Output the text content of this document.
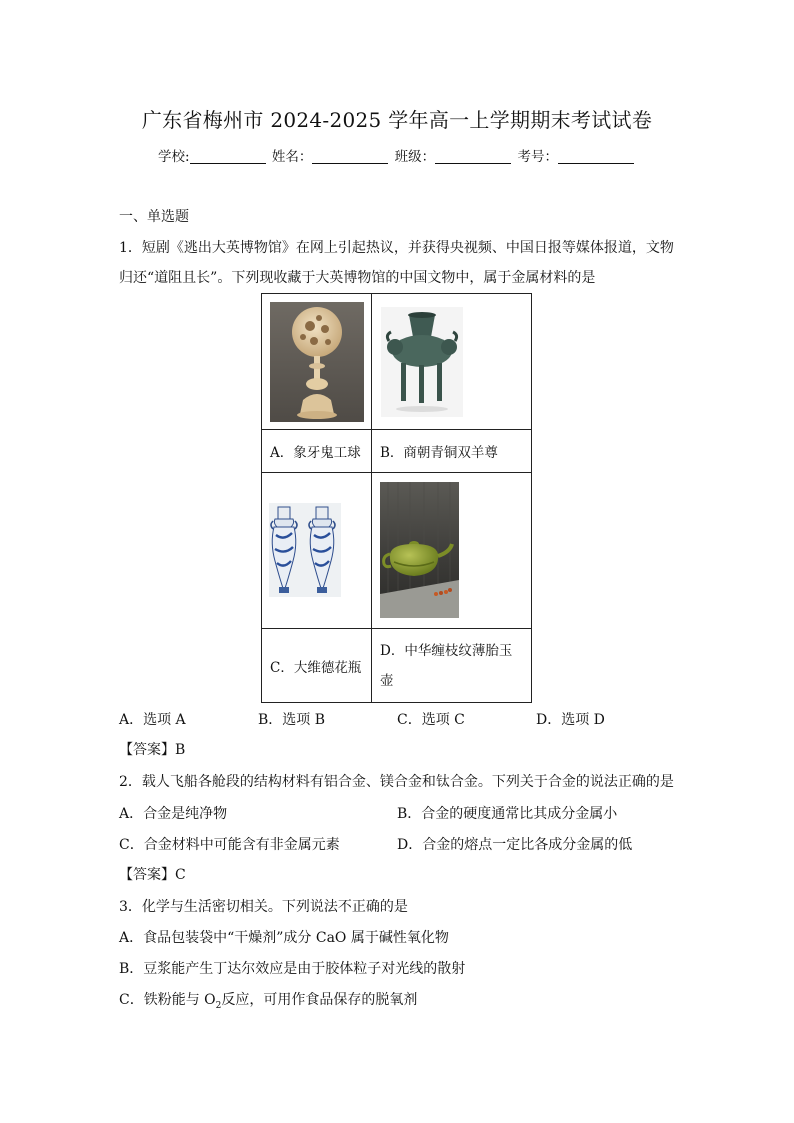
广东省梅州市 2024-2025 学年高一上学期期末考试试卷
学校:	姓名：	班级：	考号：
一、单选题
1．短剧《逃出大英博物馆》在网上引起热议，并获得央视频、中国日报等媒体报道，文物
归还“道阻且长”。下列现收藏于大英博物馆的中国文物中，属于金属材料的是

A．象牙鬼工球	B．商朝青铜双羊尊

C．大维德花瓶	D．中华缠枝纹薄胎玉
壶
A．选项 A	B．选项 B	C．选项 C	D．选项 D
【答案】B
2．载人飞船各舱段的结构材料有铝合金、镁合金和钛合金。下列关于合金的说法正确的是
A．合金是纯净物	B．合金的硬度通常比其成分金属小
C．合金材料中可能含有非金属元素	D．合金的熔点一定比各成分金属的低
【答案】C
3．化学与生活密切相关。下列说法不正确的是
A．食品包装袋中“干燥剂”成分 CaO 属于碱性氧化物
B．豆浆能产生丁达尔效应是由于胶体粒子对光线的散射
C．铁粉能与 $O_2$反应，可用作食品保存的脱氧剂
